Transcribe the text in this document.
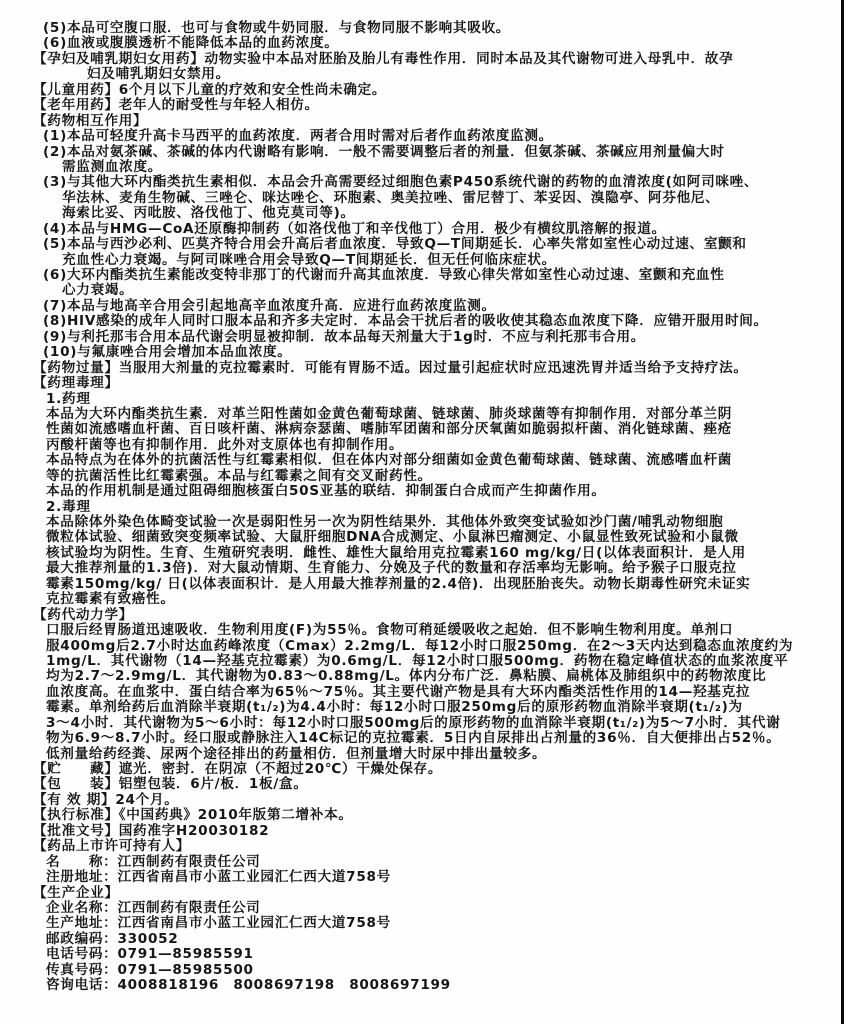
(5)本品可空腹口服．也可与食物或牛奶同服．与食物同服不影响其吸收。
(6)血液或腹膜透析不能降低本品的血药浓度。
【孕妇及哺乳期妇女用药】动物实验中本品对胚胎及胎儿有毒性作用．同时本品及其代谢物可进入母乳中．故孕
妇及哺乳期妇女禁用。
【儿童用药】6个月以下儿童的疗效和安全性尚未确定。
【老年用药】老年人的耐受性与年轻人相仿。
【药物相互作用】
(1)本品可轻度升高卡马西平的血药浓度．两者合用时需对后者作血药浓度监测。
(2)本品对氨茶碱、茶碱的体内代谢略有影响．一般不需要调整后者的剂量．但氨茶碱、茶碱应用剂量偏大时
需监测血浓度。
(3)与其他大环内酯类抗生素相似．本品会升高需要经过细胞色素P450系统代谢的药物的血清浓度(如阿司咪唑、
华法林、麦角生物碱、三唑仑、咪达唑仑、环胞素、奥美拉唑、雷尼替丁、苯妥因、溴隐亭、阿芬他尼、
海索比妥、丙吡胺、洛伐他丁、他克莫司等)。
(4)本品与HMG—CoA还原酶抑制药（如洛伐他丁和辛伐他丁）合用．极少有横纹肌溶解的报道。
(5)本品与西沙必利、匹莫齐特合用会升高后者血浓度．导致Q—T间期延长．心率失常如室性心动过速、室颤和
充血性心力衰竭。与阿司咪唑合用会导致Q—T间期延长．但无任何临床症状。
(6)大环内酯类抗生素能改变特非那丁的代谢而升高其血浓度．导致心律失常如室性心动过速、室颤和充血性
心力衰竭。
(7)本品与地高辛合用会引起地高辛血浓度升高．应进行血药浓度监测。
(8)HIV感染的成年人同时口服本品和齐多夫定时．本品会干扰后者的吸收使其稳态血浓度下降．应错开服用时间。
(9)与利托那韦合用本品代谢会明显被抑制．故本品每天剂量大于1g时．不应与利托那韦合用。
(10)与氟康唑合用会增加本品血浓度。
【药物过量】当服用大剂量的克拉霉素时．可能有胃肠不适。因过量引起症状时应迅速洗胃并适当给予支持疗法。
【药理毒理】
1.药理
本品为大环内酯类抗生素．对革兰阳性菌如金黄色葡萄球菌、链球菌、肺炎球菌等有抑制作用．对部分革兰阴
性菌如流感嗜血杆菌、百日咳杆菌、淋病奈瑟菌、嗜肺军团菌和部分厌氧菌如脆弱拟杆菌、消化链球菌、痤疮
丙酸杆菌等也有抑制作用．此外对支原体也有抑制作用。
本品特点为在体外的抗菌活性与红霉素相似．但在体内对部分细菌如金黄色葡萄球菌、链球菌、流感嗜血杆菌
等的抗菌活性比红霉素强。本品与红霉素之间有交叉耐药性。
本品的作用机制是通过阻碍细胞核蛋白50S亚基的联结．抑制蛋白合成而产生抑菌作用。
2.毒理
本品除体外染色体畸变试验一次是弱阳性另一次为阴性结果外．其他体外致突变试验如沙门菌/哺乳动物细胞
微粒体试验、细菌致突变频率试验、大鼠肝细胞DNA合成测定、小鼠淋巴瘤测定、小鼠显性致死试验和小鼠微
核试验均为阴性。生育、生殖研究表明．雌性、雄性大鼠给用克拉霉素160 mg/kg/日(以体表面积计．是人用
最大推荐剂量的1.3倍)．对大鼠动情期、生育能力、分娩及子代的数量和存活率均无影响。给予猴子口服克拉
霉素150mg/kg/ 日(以体表面积计．是人用最大推荐剂量的2.4倍)．出现胚胎丧失。动物长期毒性研究未证实
克拉霉素有致癌性。
【药代动力学】
口服后经胃肠道迅速吸收．生物利用度(F)为55％。食物可稍延缓吸收之起始．但不影响生物利用度。单剂口
服400mg后2.7小时达血药峰浓度（Cmax）2.2mg/L．每12小时口服250mg．在2～3天内达到稳态血浓度约为
1mg/L．其代谢物（14—羟基克拉霉素）为0.6mg/L．每12小时口服500mg．药物在稳定峰值状态的血浆浓度平
均为2.7～2.9mg/L．其代谢物为0.83～0.88mg/L。体内分布广泛．鼻粘膜、扁桃体及肺组织中的药物浓度比
血浓度高。在血浆中．蛋白结合率为65％～75％。其主要代谢产物是具有大环内酯类活性作用的14—羟基克拉
霉素。单剂给药后血消除半衰期(t₁/₂)为4.4小时：每12小时口服250mg后的原形药物血消除半衰期(t₁/₂)为
3～4小时．其代谢物为5～6小时：每12小时口服500mg后的原形药物的血消除半衰期(t₁/₂)为5～7小时．其代谢
物为6.9～8.7小时。经口服或静脉注入14C标记的克拉霉素．5日内自尿排出占剂量的36％．自大便排出占52％。
低剂量给药经粪、尿两个途径排出的药量相仿．但剂量增大时尿中排出量较多。
【贮　　藏】遮光．密封．在阴凉（不超过20℃）干燥处保存。
【包　　装】铝塑包装．6片/板．1板/盒。
【有 效 期】24个月。
【执行标准】《中国药典》2010年版第二增补本。
【批准文号】国药准字H20030182
【药品上市许可持有人】
名　　称：江西制药有限责任公司
注册地址：江西省南昌市小蓝工业园汇仁西大道758号
【生产企业】
企业名称：江西制药有限责任公司
生产地址：江西省南昌市小蓝工业园汇仁西大道758号
邮政编码：330052
电话号码：0791—85985591
传真号码：0791—85985500
咨询电话：4008818196　8008697198　8008697199
